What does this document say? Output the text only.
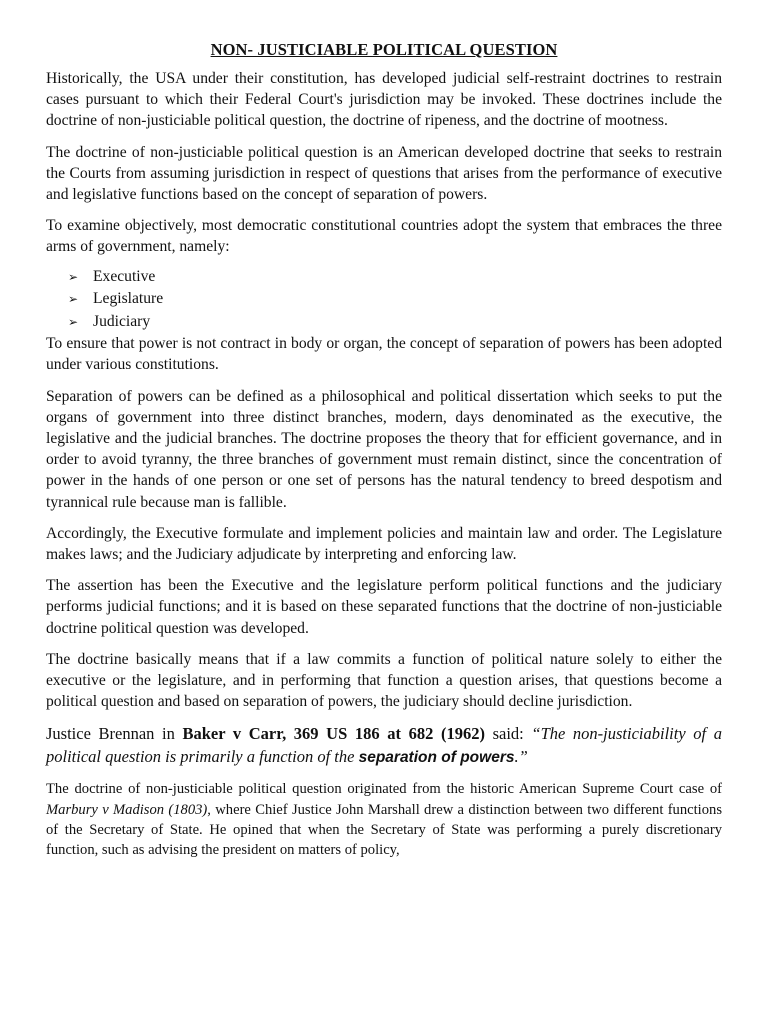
NON- JUSTICIABLE POLITICAL QUESTION

Historically, the USA under their constitution, has developed judicial self-restraint doctrines to restrain cases pursuant to which their Federal Court's jurisdiction may be invoked. These doctrines include the doctrine of non-justiciable political question, the doctrine of ripeness, and the doctrine of mootness.

The doctrine of non-justiciable political question is an American developed doctrine that seeks to restrain the Courts from assuming jurisdiction in respect of questions that arises from the performance of executive and legislative functions based on the concept of separation of powers.

To examine objectively, most democratic constitutional countries adopt the system that embraces the three arms of government, namely:

➢ Executive
➢ Legislature
➢ Judiciary

To ensure that power is not contract in body or organ, the concept of separation of powers has been adopted under various constitutions.

Separation of powers can be defined as a philosophical and political dissertation which seeks to put the organs of government into three distinct branches, modern, days denominated as the executive, the legislative and the judicial branches. The doctrine proposes the theory that for efficient governance, and in order to avoid tyranny, the three branches of government must remain distinct, since the concentration of power in the hands of one person or one set of persons has the natural tendency to breed despotism and tyrannical rule because man is fallible.

Accordingly, the Executive formulate and implement policies and maintain law and order. The Legislature makes laws; and the Judiciary adjudicate by interpreting and enforcing law.

The assertion has been the Executive and the legislature perform political functions and the judiciary performs judicial functions; and it is based on these separated functions that the doctrine of non-justiciable doctrine political question was developed.

The doctrine basically means that if a law commits a function of political nature solely to either the executive or the legislature, and in performing that function a question arises, that questions become a political question and based on separation of powers, the judiciary should decline jurisdiction.

Justice Brennan in Baker v Carr, 369 US 186 at 682 (1962) said: “The non-justiciability of a political question is primarily a function of the separation of powers.”

The doctrine of non-justiciable political question originated from the historic American Supreme Court case of Marbury v Madison (1803), where Chief Justice John Marshall drew a distinction between two different functions of the Secretary of State. He opined that when the Secretary of State was performing a purely discretionary function, such as advising the president on matters of policy,
